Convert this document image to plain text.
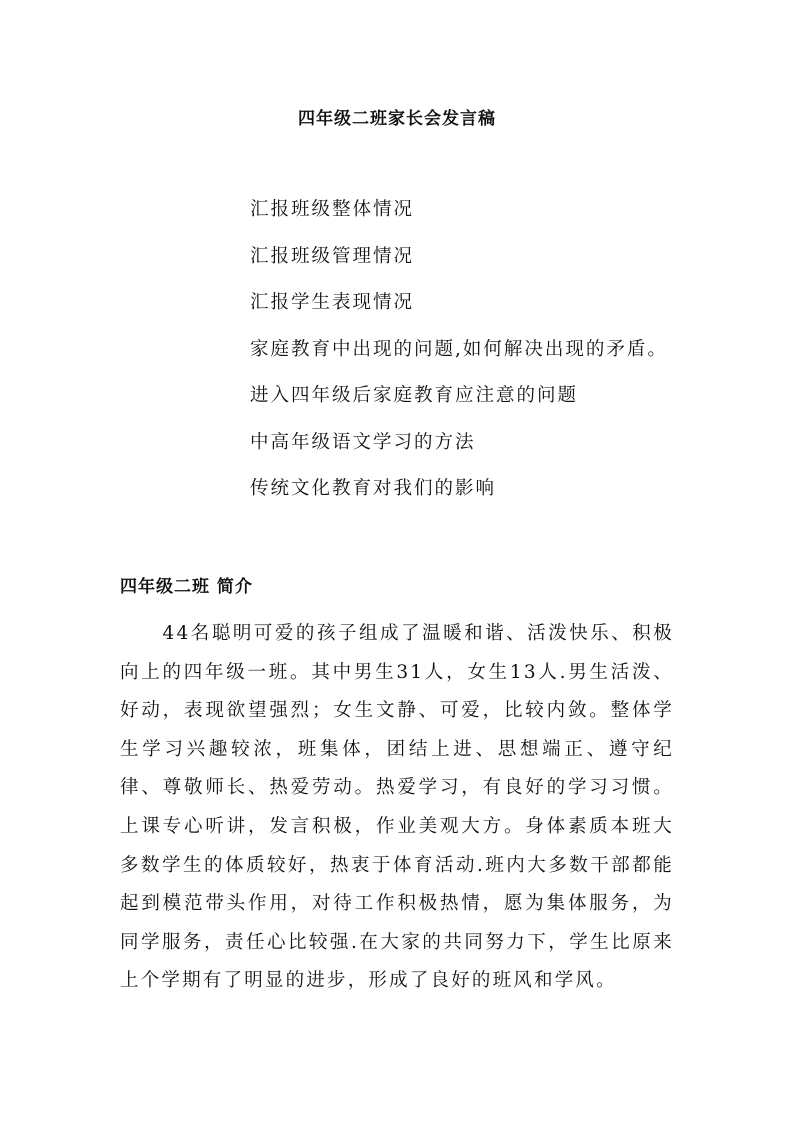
四年级二班家长会发言稿
汇报班级整体情况
汇报班级管理情况
汇报学生表现情况
家庭教育中出现的问题,如何解决出现的矛盾。
进入四年级后家庭教育应注意的问题
中高年级语文学习的方法
传统文化教育对我们的影响
四年级二班 简介

44名聪明可爱的孩子组成了温暖和谐、活泼快乐、积极向上的四年级一班。其中男生31人，女生13人.男生活泼、好动，表现欲望强烈；女生文静、可爱，比较内敛。整体学生学习兴趣较浓，班集体，团结上进、思想端正、遵守纪律、尊敬师长、热爱劳动。热爱学习，有良好的学习习惯。上课专心听讲，发言积极，作业美观大方。身体素质本班大多数学生的体质较好，热衷于体育活动.班内大多数干部都能起到模范带头作用，对待工作积极热情，愿为集体服务，为同学服务，责任心比较强.在大家的共同努力下，学生比原来上个学期有了明显的进步，形成了良好的班风和学风。
